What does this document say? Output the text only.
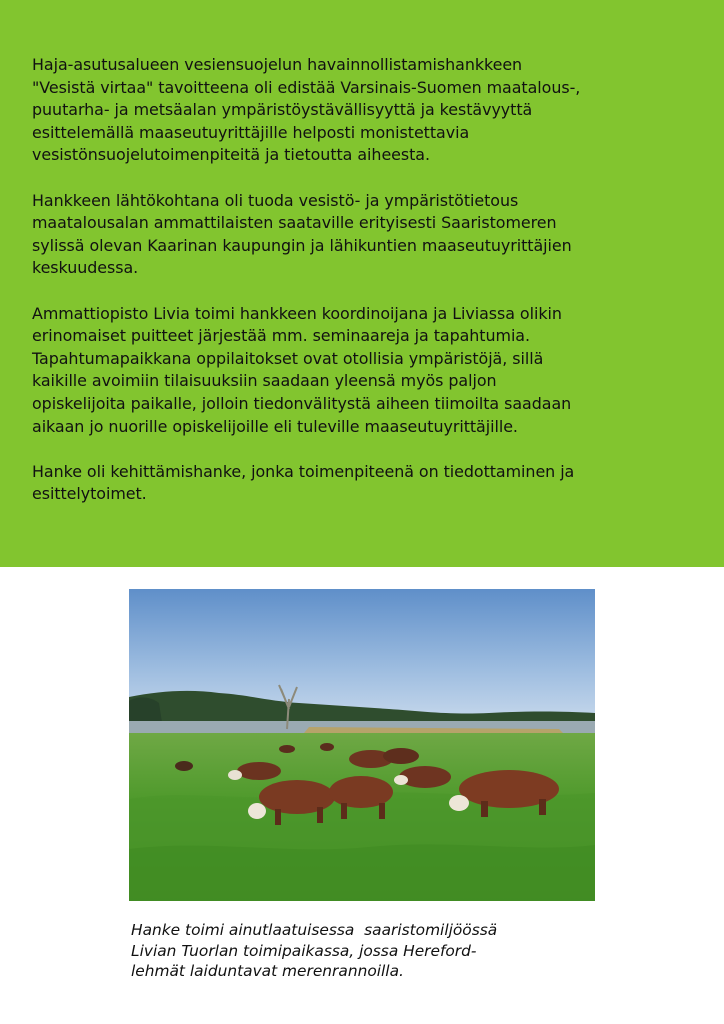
Haja-asutusalueen vesiensuojelun havainnollistamishankkeen
"Vesistä virtaa" tavoitteena oli edistää Varsinais-Suomen maatalous-,
puutarha- ja metsäalan ympäristöystävällisyyttä ja kestävyyttä
esittelemällä maaseutuyrittäjille helposti monistettavia
vesistönsuojelutoimenpiteitä ja tietoutta aiheesta.

Hankkeen lähtökohtana oli tuoda vesistö- ja ympäristötietous
maatalousalan ammattilaisten saataville erityisesti Saaristomeren
sylissä olevan Kaarinan kaupungin ja lähikuntien maaseutuyrittäjien
keskuudessa.

Ammattiopisto Livia toimi hankkeen koordinoijana ja Liviassa olikin
erinomaiset puitteet järjestää mm. seminaareja ja tapahtumia.
Tapahtumapaikkana oppilaitokset ovat otollisia ympäristöjä, sillä
kaikille avoimiin tilaisuuksiin saadaan yleensä myös paljon
opiskelijoita paikalle, jolloin tiedonvälitystä aiheen tiimoilta saadaan
aikaan jo nuorille opiskelijoille eli tuleville maaseutuyrittäjille.

Hanke oli kehittämishanke, jonka toimenpiteenä on tiedottaminen ja
esittelytoimet.

Hanke toimi ainutlaatuisessa  saaristomiljöössä
Livian Tuorlan toimipaikassa, jossa Hereford-
lehmät laiduntavat merenrannoilla.
